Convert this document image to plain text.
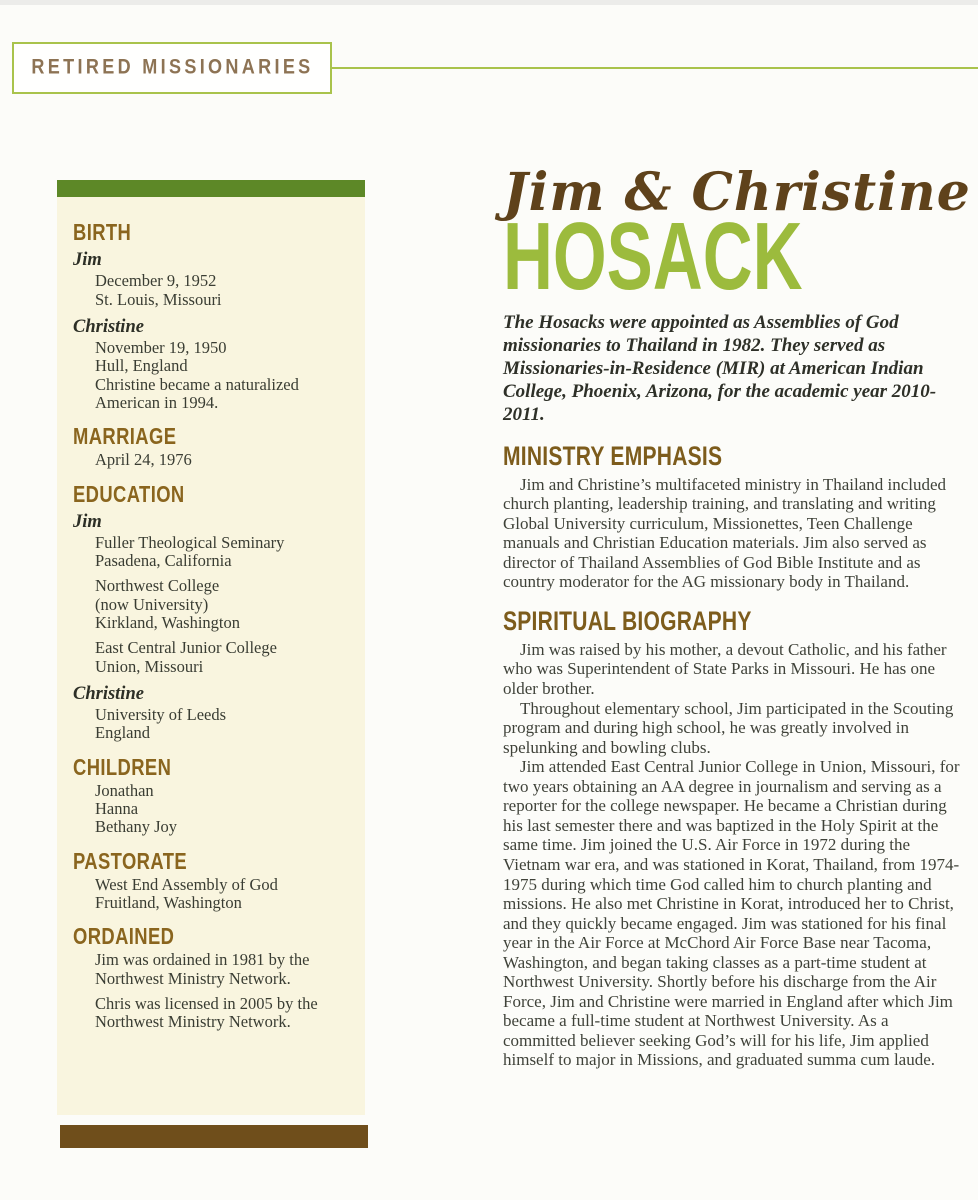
RETIRED MISSIONARIES
BIRTH
Jim
December 9, 1952
St. Louis, Missouri
Christine
November 19, 1950
Hull, England
Christine became a naturalized American in 1994.
MARRIAGE
April 24, 1976
EDUCATION
Jim
Fuller Theological Seminary
Pasadena, California
Northwest College
(now University)
Kirkland, Washington
East Central Junior College
Union, Missouri
Christine
University of Leeds
England
CHILDREN
Jonathan
Hanna
Bethany Joy
PASTORATE
West End Assembly of God
Fruitland, Washington
ORDAINED
Jim was ordained in 1981 by the Northwest Ministry Network.
Chris was licensed in 2005 by the Northwest Ministry Network.
Jim & Christine
HOSACK

The Hosacks were appointed as Assemblies of God missionaries to Thailand in 1982. They served as Missionaries-in-Residence (MIR) at American Indian College, Phoenix, Arizona, for the academic year 2010-2011.

MINISTRY EMPHASIS

Jim and Christine’s multifaceted ministry in Thailand included church planting, leadership training, and translating and writing Global University curriculum, Missionettes, Teen Challenge manuals and Christian Education materials. Jim also served as director of Thailand Assemblies of God Bible Institute and as country moderator for the AG missionary body in Thailand.

SPIRITUAL BIOGRAPHY

Jim was raised by his mother, a devout Catholic, and his father who was Superintendent of State Parks in Missouri. He has one older brother.

Throughout elementary school, Jim participated in the Scouting program and during high school, he was greatly involved in spelunking and bowling clubs.

Jim attended East Central Junior College in Union, Missouri, for two years obtaining an AA degree in journalism and serving as a reporter for the college newspaper. He became a Christian during his last semester there and was baptized in the Holy Spirit at the same time. Jim joined the U.S. Air Force in 1972 during the Vietnam war era, and was stationed in Korat, Thailand, from 1974-1975 during which time God called him to church planting and missions. He also met Christine in Korat, introduced her to Christ, and they quickly became engaged. Jim was stationed for his final year in the Air Force at McChord Air Force Base near Tacoma, Washington, and began taking classes as a part-time student at Northwest University. Shortly before his discharge from the Air Force, Jim and Christine were married in England after which Jim became a full-time student at Northwest University. As a committed believer seeking God’s will for his life, Jim applied himself to major in Missions, and graduated summa cum laude.
